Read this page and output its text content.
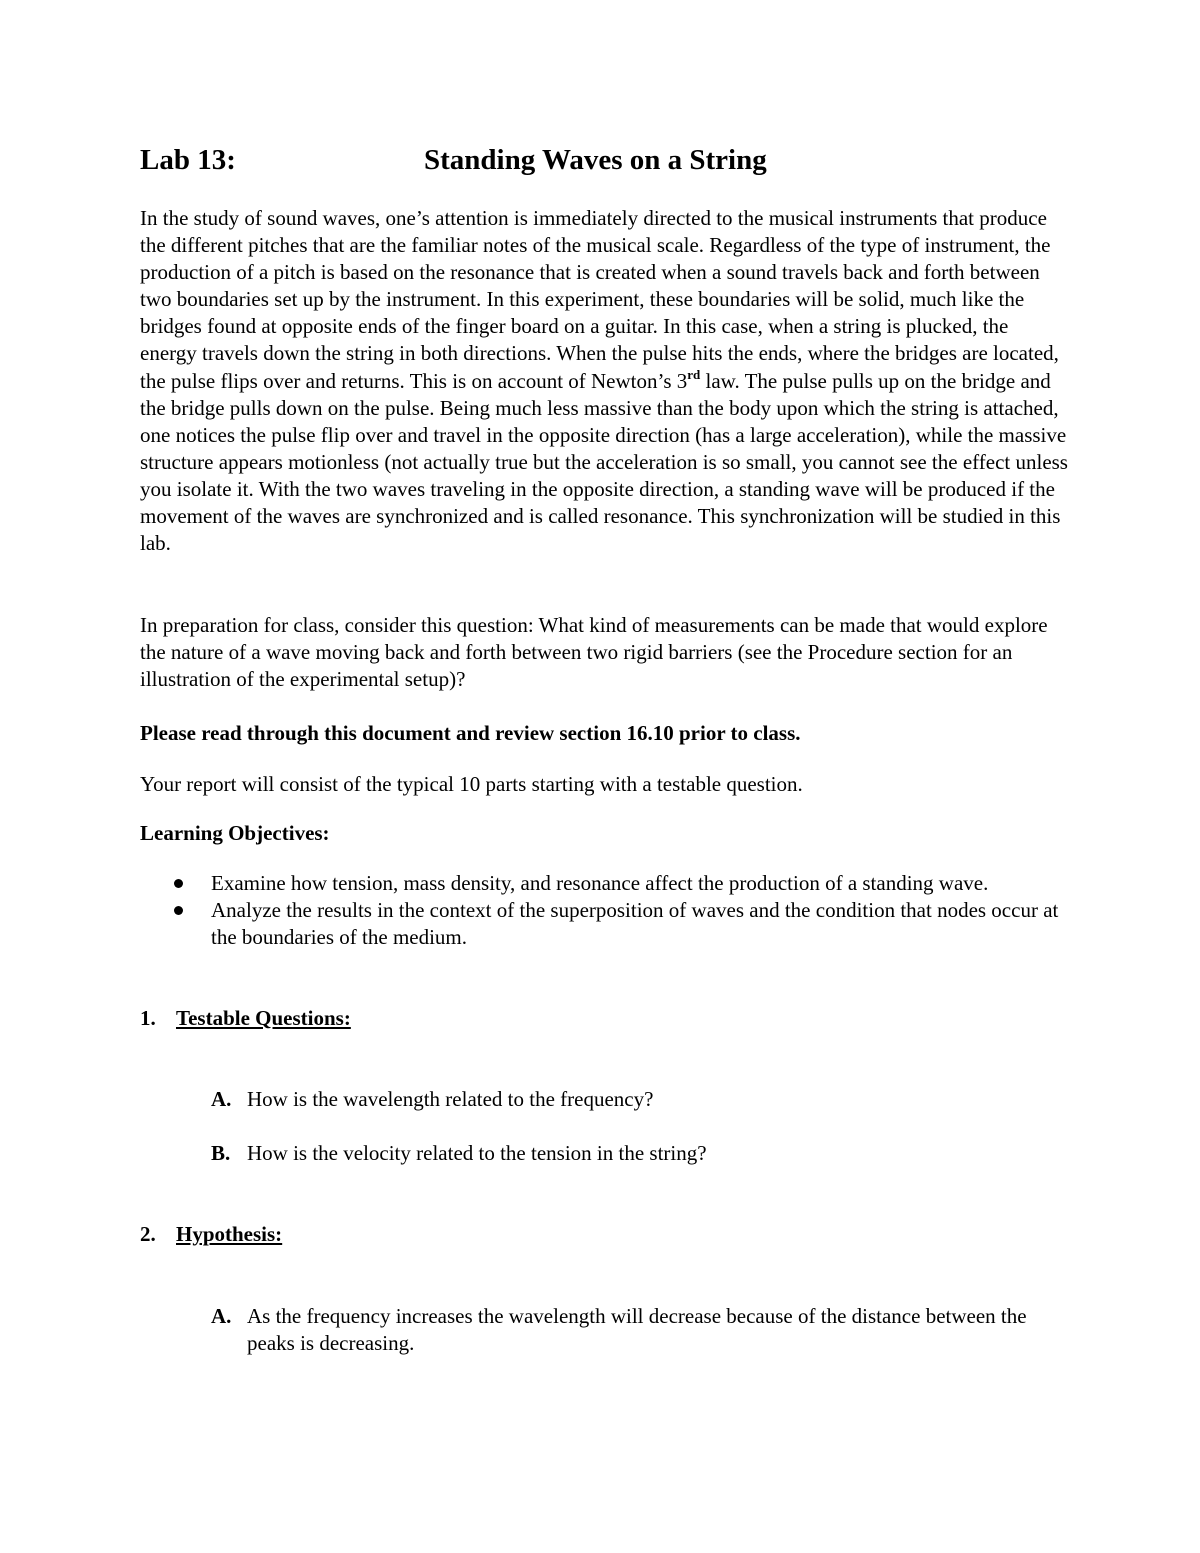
Lab 13:	Standing Waves on a String

In the study of sound waves, one’s attention is immediately directed to the musical instruments that produce the different pitches that are the familiar notes of the musical scale. Regardless of the type of instrument, the production of a pitch is based on the resonance that is created when a sound travels back and forth between two boundaries set up by the instrument. In this experiment, these boundaries will be solid, much like the bridges found at opposite ends of the finger board on a guitar. In this case, when a string is plucked, the energy travels down the string in both directions. When the pulse hits the ends, where the bridges are located, the pulse flips over and returns. This is on account of Newton’s 3rd law. The pulse pulls up on the bridge and the bridge pulls down on the pulse. Being much less massive than the body upon which the string is attached, one notices the pulse flip over and travel in the opposite direction (has a large acceleration), while the massive structure appears motionless (not actually true but the acceleration is so small, you cannot see the effect unless you isolate it. With the two waves traveling in the opposite direction, a standing wave will be produced if the movement of the waves are synchronized and is called resonance. This synchronization will be studied in this lab.

In preparation for class, consider this question: What kind of measurements can be made that would explore the nature of a wave moving back and forth between two rigid barriers (see the Procedure section for an illustration of the experimental setup)?

Please read through this document and review section 16.10 prior to class.

Your report will consist of the typical 10 parts starting with a testable question.

Learning Objectives:

Examine how tension, mass density, and resonance affect the production of a standing wave.
Analyze the results in the context of the superposition of waves and the condition that nodes occur at the boundaries of the medium.
1. Testable Questions:
A. How is the wavelength related to the frequency?
B. How is the velocity related to the tension in the string?
2. Hypothesis:
A. As the frequency increases the wavelength will decrease because of the distance between the peaks is decreasing.
